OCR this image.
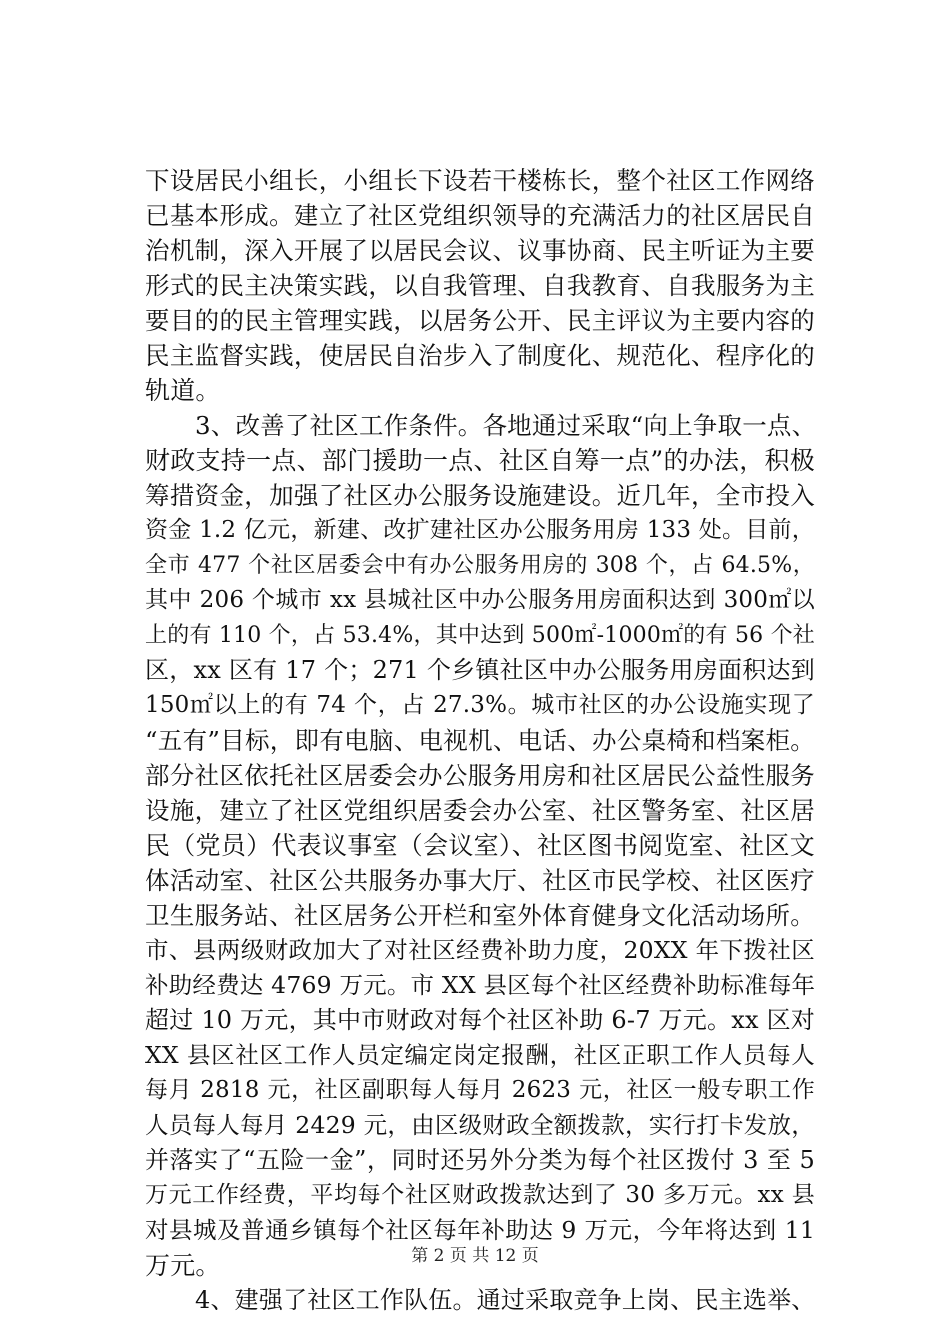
下设居民小组长，小组长下设若干楼栋长，整个社区工作网络
已基本形成。建立了社区党组织领导的充满活力的社区居民自
治机制，深入开展了以居民会议、议事协商、民主听证为主要
形式的民主决策实践，以自我管理、自我教育、自我服务为主
要目的的民主管理实践，以居务公开、民主评议为主要内容的
民主监督实践，使居民自治步入了制度化、规范化、程序化的
轨道。
3、改善了社区工作条件。各地通过采取“向上争取一点、
财政支持一点、部门援助一点、社区自筹一点”的办法，积极
筹措资金，加强了社区办公服务设施建设。近几年，全市投入
资金 1.2 亿元，新建、改扩建社区办公服务用房 133 处。目前，
全市 477 个社区居委会中有办公服务用房的 308 个，占 64.5%，
其中 206 个城市 xx 县城社区中办公服务用房面积达到 300㎡以
上的有 110 个，占 53.4%，其中达到 500㎡-1000㎡的有 56 个社
区，xx 区有 17 个；271 个乡镇社区中办公服务用房面积达到
150㎡以上的有 74 个，占 27.3%。城市社区的办公设施实现了
“五有”目标，即有电脑、电视机、电话、办公桌椅和档案柜。
部分社区依托社区居委会办公服务用房和社区居民公益性服务
设施，建立了社区党组织居委会办公室、社区警务室、社区居
民（党员）代表议事室（会议室）、社区图书阅览室、社区文
体活动室、社区公共服务办事大厅、社区市民学校、社区医疗
卫生服务站、社区居务公开栏和室外体育健身文化活动场所。
市、县两级财政加大了对社区经费补助力度，20XX 年下拨社区
补助经费达 4769 万元。市 XX 县区每个社区经费补助标准每年
超过 10 万元，其中市财政对每个社区补助 6-7 万元。xx 区对
XX 县区社区工作人员定编定岗定报酬，社区正职工作人员每人
每月 2818 元，社区副职每人每月 2623 元，社区一般专职工作
人员每人每月 2429 元，由区级财政全额拨款，实行打卡发放，
并落实了“五险一金”，同时还另外分类为每个社区拨付 3 至 5
万元工作经费，平均每个社区财政拨款达到了 30 多万元。xx 县
对县城及普通乡镇每个社区每年补助达 9 万元，今年将达到 11
万元。
4、建强了社区工作队伍。通过采取竞争上岗、民主选举、
第 2 页 共 12 页
